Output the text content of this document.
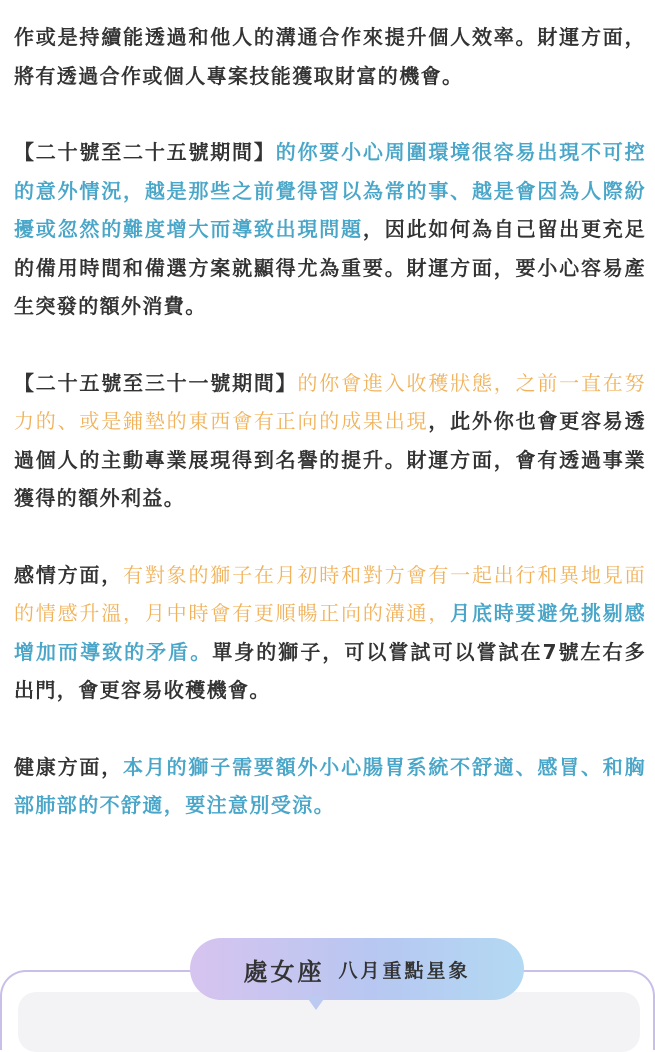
作或是持續能透過和他人的溝通合作來提升個人效率。財運方面，將有透過合作或個人專案技能獲取財富的機會。

【二十號至二十五號期間】的你要小心周圍環境很容易出現不可控的意外情況，越是那些之前覺得習以為常的事、越是會因為人際紛擾或忽然的難度增大而導致出現問題，因此如何為自己留出更充足的備用時間和備選方案就顯得尤為重要。財運方面，要小心容易產生突發的額外消費。

【二十五號至三十一號期間】的你會進入收穫狀態，之前一直在努力的、或是鋪墊的東西會有正向的成果出現，此外你也會更容易透過個人的主動專業展現得到名譽的提升。財運方面，會有透過事業獲得的額外利益。

感情方面，有對象的獅子在月初時和對方會有一起出行和異地見面的情感升溫，月中時會有更順暢正向的溝通，月底時要避免挑剔感增加而導致的矛盾。單身的獅子，可以嘗試可以嘗試在7號左右多出門，會更容易收穫機會。

健康方面，本月的獅子需要額外小心腸胃系統不舒適、感冒、和胸部肺部的不舒適，要注意別受涼。

處女座 八月重點星象
